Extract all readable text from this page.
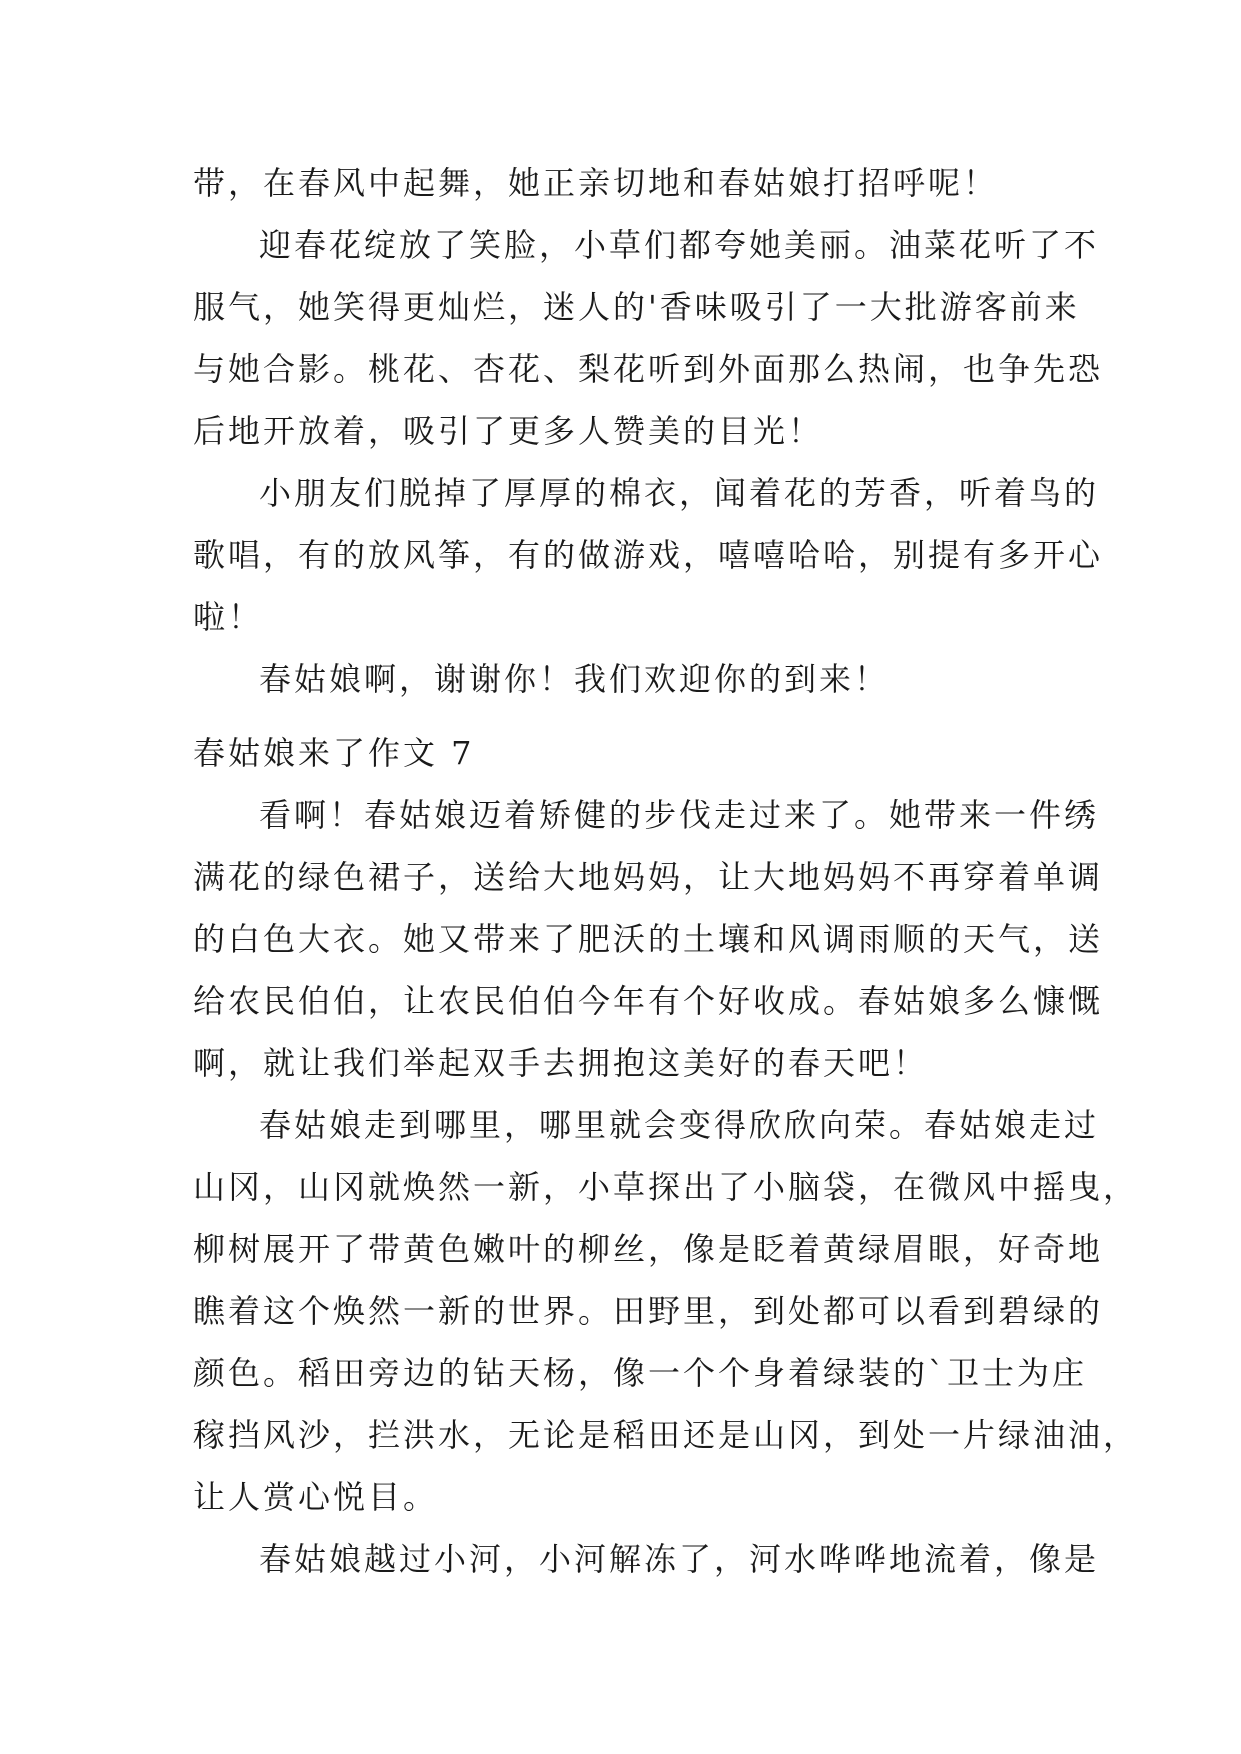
带，在春风中起舞，她正亲切地和春姑娘打招呼呢！
迎春花绽放了笑脸，小草们都夸她美丽。油菜花听了不
服气，她笑得更灿烂，迷人的'香味吸引了一大批游客前来
与她合影。桃花、杏花、梨花听到外面那么热闹，也争先恐
后地开放着，吸引了更多人赞美的目光！
小朋友们脱掉了厚厚的棉衣，闻着花的芳香，听着鸟的
歌唱，有的放风筝，有的做游戏，嘻嘻哈哈，别提有多开心
啦！
春姑娘啊，谢谢你！我们欢迎你的到来！
春姑娘来了作文 7
看啊！春姑娘迈着矫健的步伐走过来了。她带来一件绣
满花的绿色裙子，送给大地妈妈，让大地妈妈不再穿着单调
的白色大衣。她又带来了肥沃的土壤和风调雨顺的天气，送
给农民伯伯，让农民伯伯今年有个好收成。春姑娘多么慷慨
啊，就让我们举起双手去拥抱这美好的春天吧！
春姑娘走到哪里，哪里就会变得欣欣向荣。春姑娘走过
山冈，山冈就焕然一新，小草探出了小脑袋，在微风中摇曳，
柳树展开了带黄色嫩叶的柳丝，像是眨着黄绿眉眼，好奇地
瞧着这个焕然一新的世界。田野里，到处都可以看到碧绿的
颜色。稻田旁边的钻天杨，像一个个身着绿装的`卫士为庄
稼挡风沙，拦洪水，无论是稻田还是山冈，到处一片绿油油，
让人赏心悦目。
春姑娘越过小河，小河解冻了，河水哗哗地流着，像是
